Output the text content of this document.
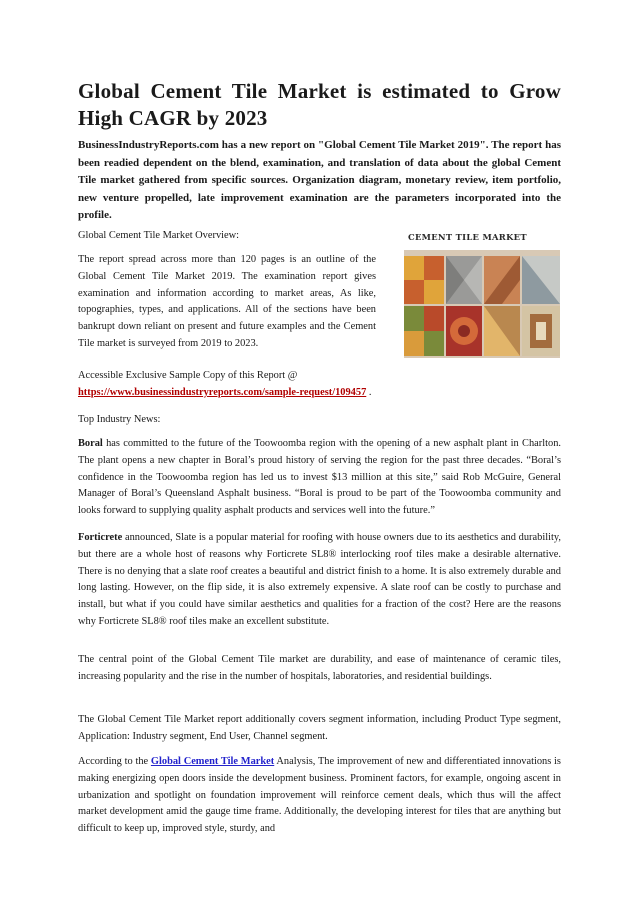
Global Cement Tile Market is estimated to Grow High CAGR by 2023

BusinessIndustryReports.com has a new report on "Global Cement Tile Market 2019". The report has been readied dependent on the blend, examination, and translation of data about the global Cement Tile market gathered from specific sources. Organization diagram, monetary review, item portfolio, new venture propelled, late improvement examination are the parameters incorporated into the profile.

Global Cement Tile Market Overview:

The report spread across more than 120 pages is an outline of the Global Cement Tile Market 2019. The examination report gives examination and information according to market areas, As like, topographies, types, and applications. All of the sections have been bankrupt down reliant on present and future examples and the Cement Tile market is surveyed from 2019 to 2023.

CEMENT TILE MARKET

Accessible Exclusive Sample Copy of this Report @
https://www.businessindustryreports.com/sample-request/109457 .

Top Industry News:

Boral has committed to the future of the Toowoomba region with the opening of a new asphalt plant in Charlton. The plant opens a new chapter in Boral’s proud history of serving the region for the past three decades. “Boral’s confidence in the Toowoomba region has led us to invest $13 million at this site,” said Rob McGuire, General Manager of Boral’s Queensland Asphalt business. “Boral is proud to be part of the Toowoomba community and looks forward to supplying quality asphalt products and services well into the future.”

Forticrete announced, Slate is a popular material for roofing with house owners due to its aesthetics and durability, but there are a whole host of reasons why Forticrete SL8® interlocking roof tiles make a desirable alternative. There is no denying that a slate roof creates a beautiful and district finish to a home. It is also extremely durable and long lasting. However, on the flip side, it is also extremely expensive. A slate roof can be costly to purchase and install, but what if you could have similar aesthetics and qualities for a fraction of the cost? Here are the reasons why Forticrete SL8® roof tiles make an excellent substitute.

The central point of the Global Cement Tile market are durability, and ease of maintenance of ceramic tiles, increasing popularity and the rise in the number of hospitals, laboratories, and residential buildings.

The Global Cement Tile Market report additionally covers segment information, including Product Type segment, Application: Industry segment, End User, Channel segment.

According to the Global Cement Tile Market Analysis, The improvement of new and differentiated innovations is making energizing open doors inside the development business. Prominent factors, for example, ongoing ascent in urbanization and spotlight on foundation improvement will reinforce cement deals, which thus will the affect market development amid the gauge time frame. Additionally, the developing interest for tiles that are anything but difficult to keep up, improved style, sturdy, and
